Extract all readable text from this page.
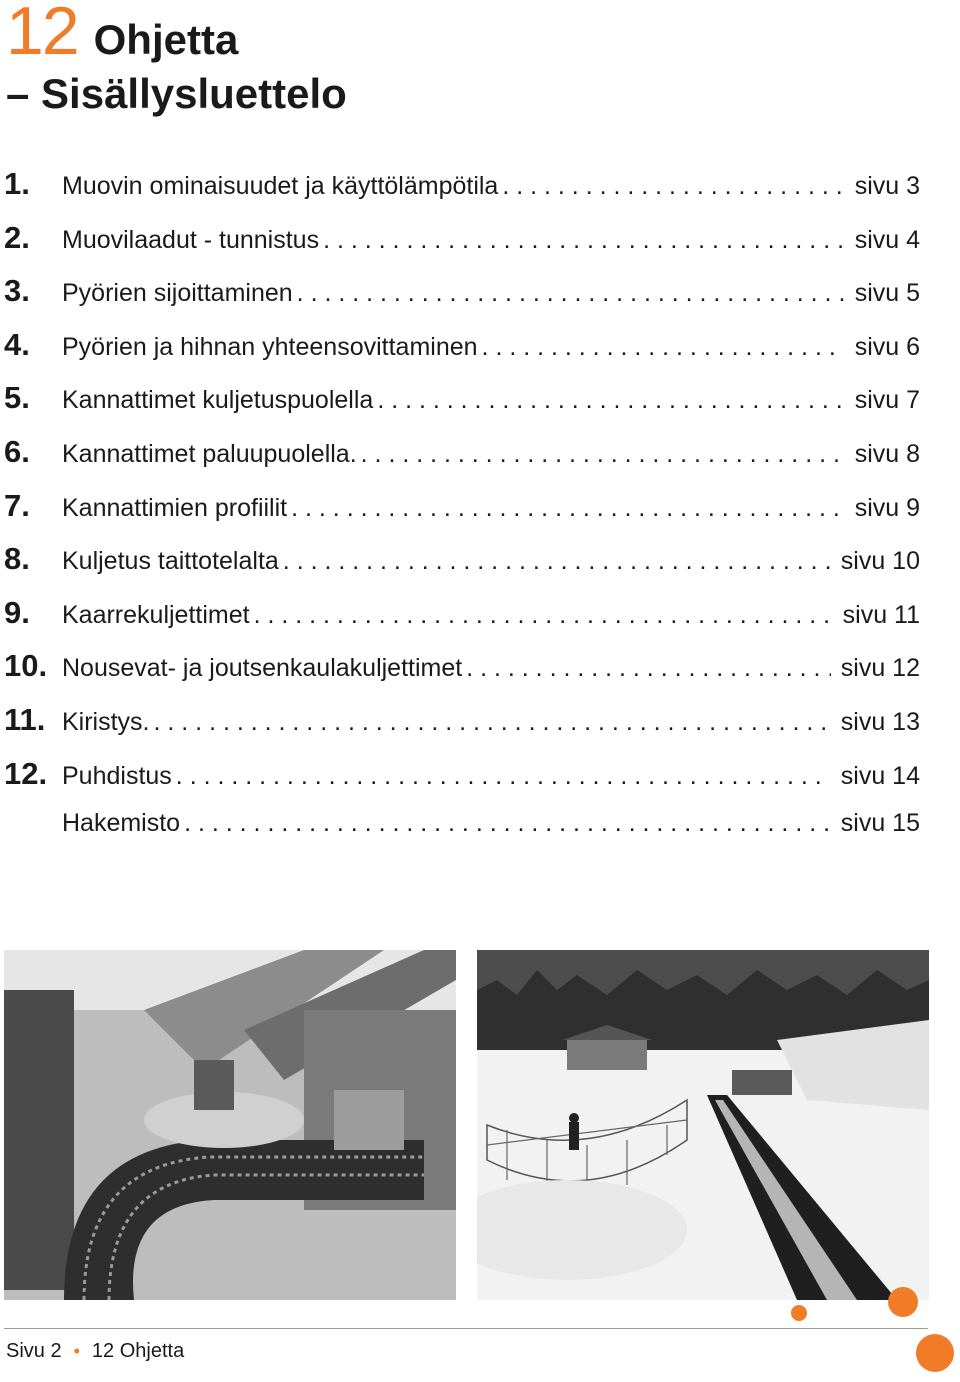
12 Ohjetta
– Sisällysluettelo
1.	Muovin ominaisuudet ja käyttölämpötila . . .	sivu 3
2.	Muovilaadut - tunnistus . . .	sivu 4
3.	Pyörien sijoittaminen . . .	sivu 5
4.	Pyörien ja hihnan yhteensovittaminen . . .	sivu 6
5.	Kannattimet kuljetuspuolella . . .	sivu 7
6.	Kannattimet paluupuolella. . . .	sivu 8
7.	Kannattimien profiilit . . .	sivu 9
8.	Kuljetus taittotelalta . . .	sivu 10
9.	Kaarrekuljettimet . . .	sivu 11
10. Nousevat- ja joutsenkaulakuljettimet . . .	sivu 12
11. Kiristys. . . .	sivu 13
12. Puhdistus . . .	sivu 14
Hakemisto . . .	sivu 15
Sivu 2 • 12 Ohjetta
